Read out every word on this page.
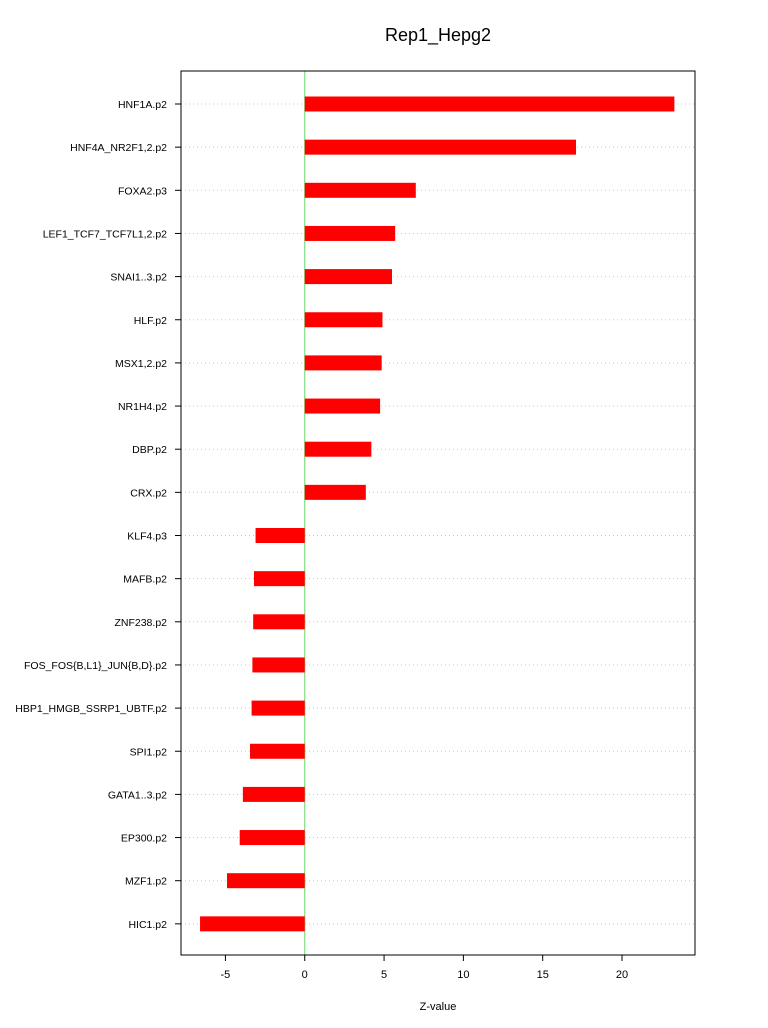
Rep1_Hepg2
-5	0	5	10	15	20
HNF1A.p2
HNF4A_NR2F1,2.p2
FOXA2.p3
LEF1_TCF7_TCF7L1,2.p2
SNAI1..3.p2
HLF.p2
MSX1,2.p2
NR1H4.p2
DBP.p2
CRX.p2
KLF4.p3
MAFB.p2
ZNF238.p2
FOS_FOS{B,L1}_JUN{B,D}.p2
HBP1_HMGB_SSRP1_UBTF.p2
SPI1.p2
GATA1..3.p2
EP300.p2
MZF1.p2
HIC1.p2
Z-value
